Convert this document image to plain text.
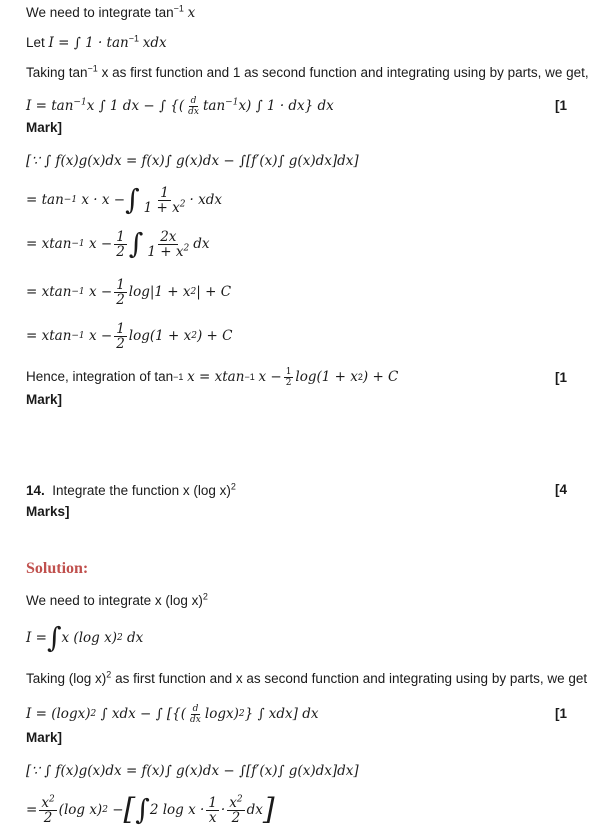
We need to integrate $\tan^{-1} x$
Let I = ∫ $1 \cdot \tan^{-1}$ xdx
Taking $\tan^{-1} x$ as first function and 1 as second function and integrating using by parts, we get,
$I = \tan^{-1}x$ ∫ 1 dx − ∫ {( $\frac{d}{dx} \tan^{-1}x$) ∫ 1 · dx} dx	[1
Mark]
[∵ ∫ f(x)g(x)dx = f(x)∫ g(x)dx − ∫[f′(x)∫ g(x)dx]dx]
= tan −1
x · x − ∫ $\frac{1}{1 + x^2}$ · xdx
= xtan −1
$x - \frac{1}{2}$ ∫ $\frac{2x}{1 + x^2}$ dx
= xtan −1
$x - \frac{1}{2} \log|1 + x$ 2 | + C
= xtan −1
$x - \frac{1}{2} \log(1 + x$ 2 ) + C
Hence, integration of tan −1
x = xtan −1
$x - \frac{1}{2} \log(1 + x$ 2 ) + C	[1
Mark]
14. Integrate the function x (log x)$^2$	[4
Marks]
Solution:
We need to integrate x (log x)$^2$
I = ∫ x (log x) 2
dx
Taking (log x)$^2$ as first function and x as second function and integrating using by parts, we get
I = (logx) 2
∫ xdx − ∫ [{( $\frac{d}{dx} \log x$) 2 } ∫ xdx] dx	[1
Mark]
[∵ ∫ f(x)g(x)dx = f(x)∫ g(x)dx − ∫[f′(x)∫ g(x)dx]dx]
= $\frac{x^2}{2} (\log$ x) 2
− [ ∫ 2 $\log x \cdot \frac{1}{x} \cdot \frac{x^2}{2}$ dx ]
